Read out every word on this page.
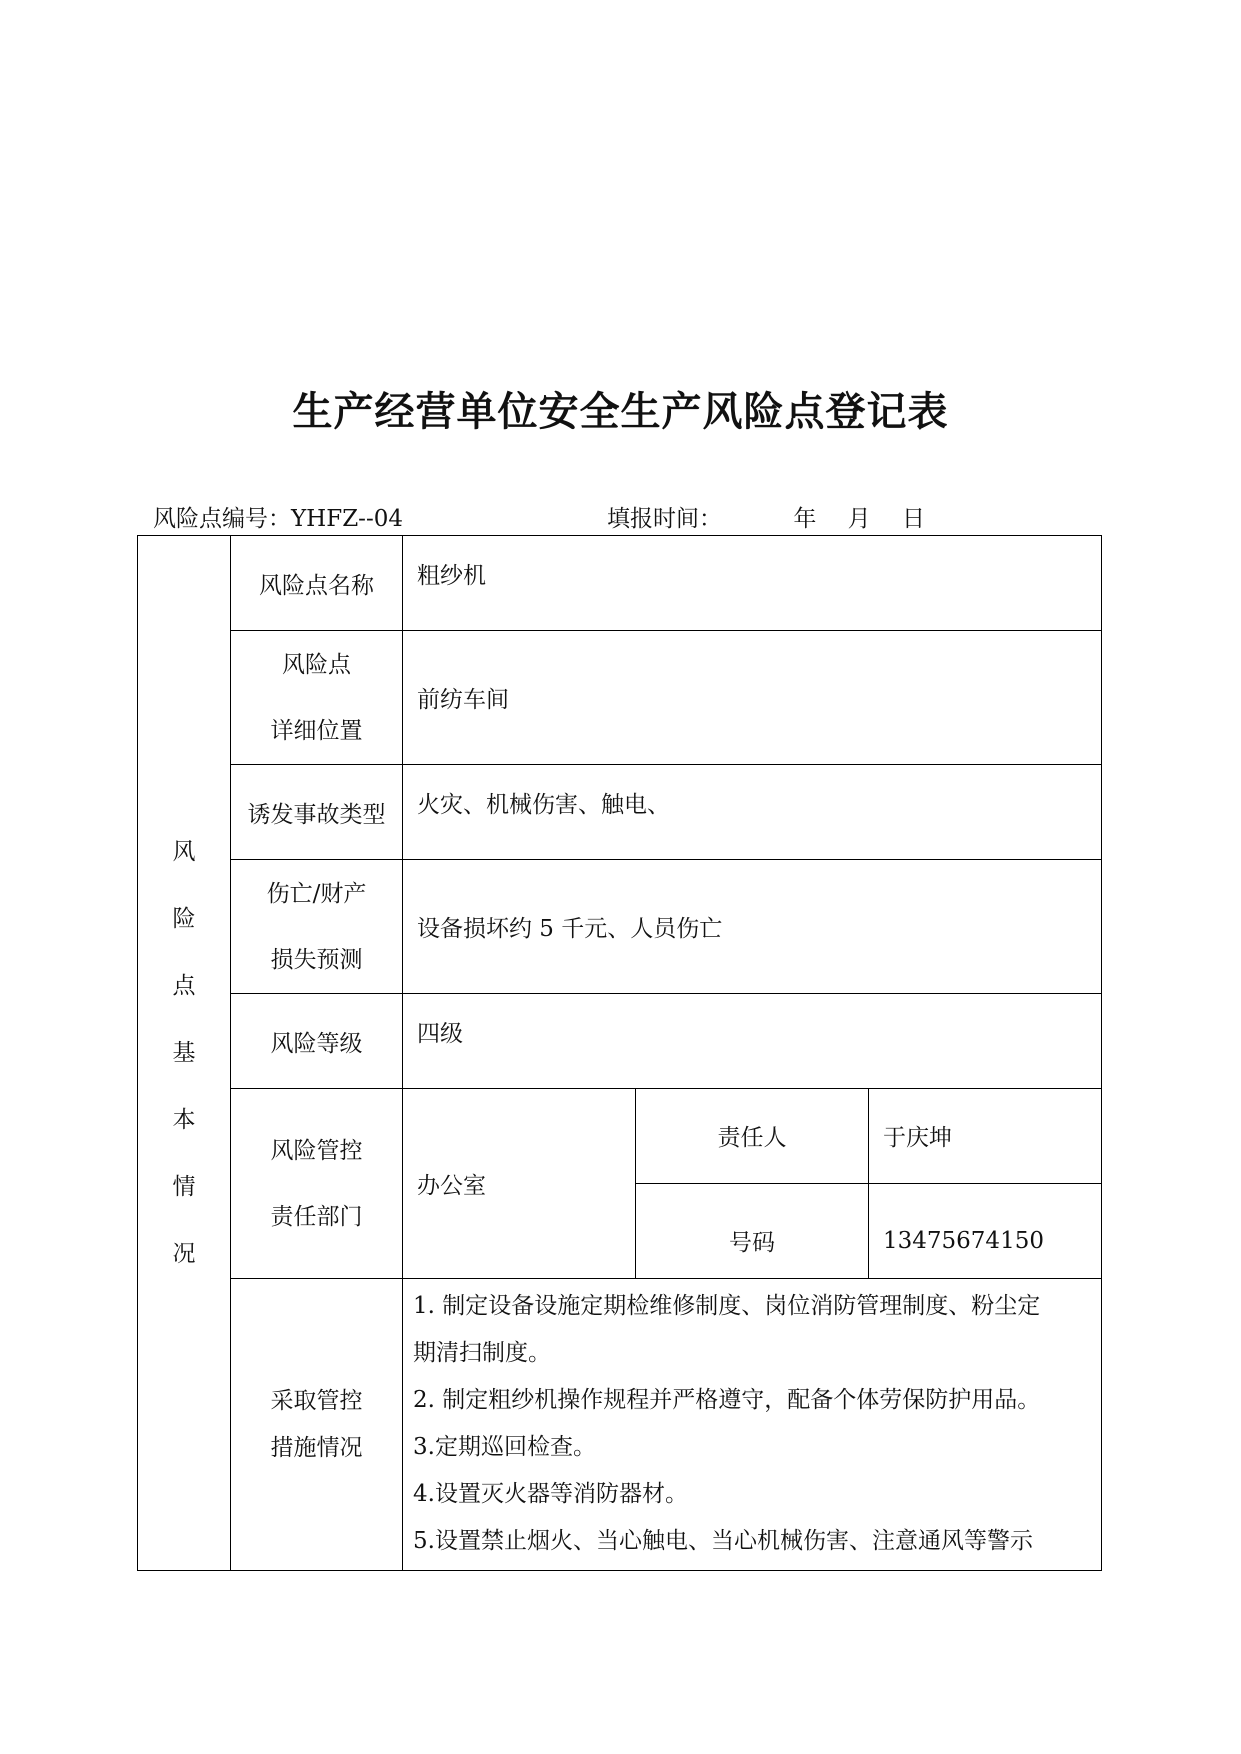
生产经营单位安全生产风险点登记表
风险点编号：YHFZ--04	填报时间：	年 月 日
风
险
点
基
本
情
况
	风险点名称	粗纱机

风险点
详细位置
	前纺车间
诱发事故类型	火灾、机械伤害、触电、

伤亡/财产
损失预测
	设备损坏约 5 千元、人员伤亡
风险等级	四级

风险管控
责任部门
	办公室	
责任人	于庆坤
号码	13475674150

采取管控
措施情况

1. 制定设备设施定期检维修制度、岗位消防管理制度、粉尘定
期清扫制度。
2. 制定粗纱机操作规程并严格遵守，配备个体劳保防护用品。
3.定期巡回检查。
4.设置灭火器等消防器材。
5.设置禁止烟火、当心触电、当心机械伤害、注意通风等警示
